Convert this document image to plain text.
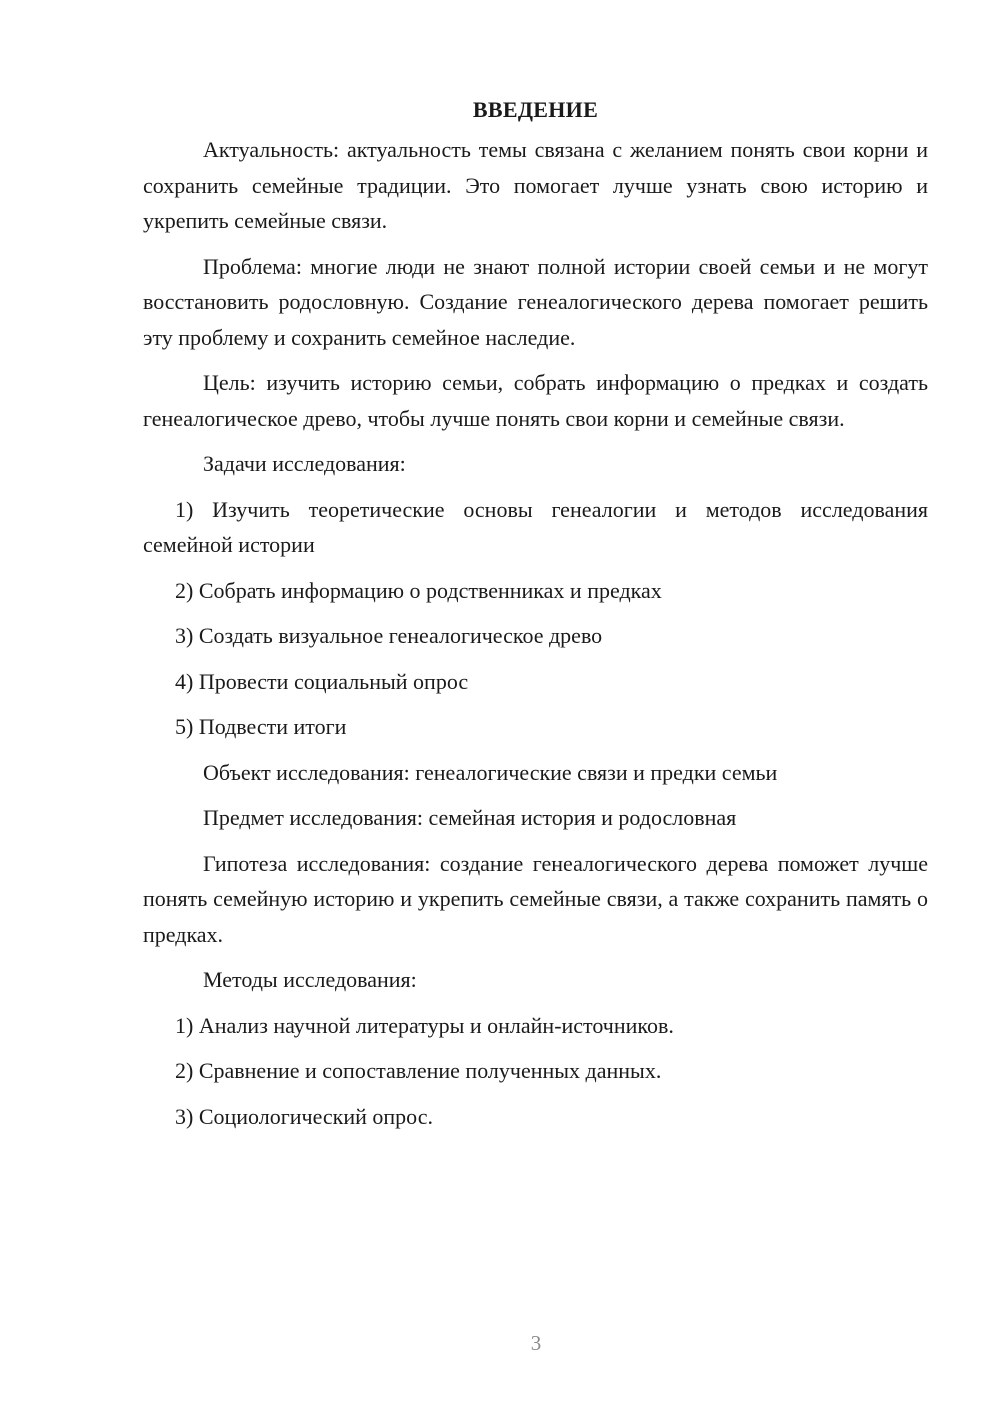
ВВЕДЕНИЕ

Актуальность: актуальность темы связана с желанием понять свои корни и сохранить семейные традиции. Это помогает лучше узнать свою историю и укрепить семейные связи.

Проблема: многие люди не знают полной истории своей семьи и не могут восстановить родословную. Создание генеалогического дерева помогает решить эту проблему и сохранить семейное наследие.

Цель: изучить историю семьи, собрать информацию о предках и создать генеалогическое древо, чтобы лучше понять свои корни и семейные связи.

Задачи исследования:

1) Изучить теоретические основы генеалогии и методов исследования семейной истории

2) Собрать информацию о родственниках и предках

3) Создать визуальное генеалогическое древо

4) Провести социальный опрос

5) Подвести итоги

Объект исследования: генеалогические связи и предки семьи

Предмет исследования: семейная история и родословная

Гипотеза исследования: создание генеалогического дерева поможет лучше понять семейную историю и укрепить семейные связи, а также сохранить память о предках.

Методы исследования:

1) Анализ научной литературы и онлайн-источников.

2) Сравнение и сопоставление полученных данных.

3) Социологический опрос.

3
